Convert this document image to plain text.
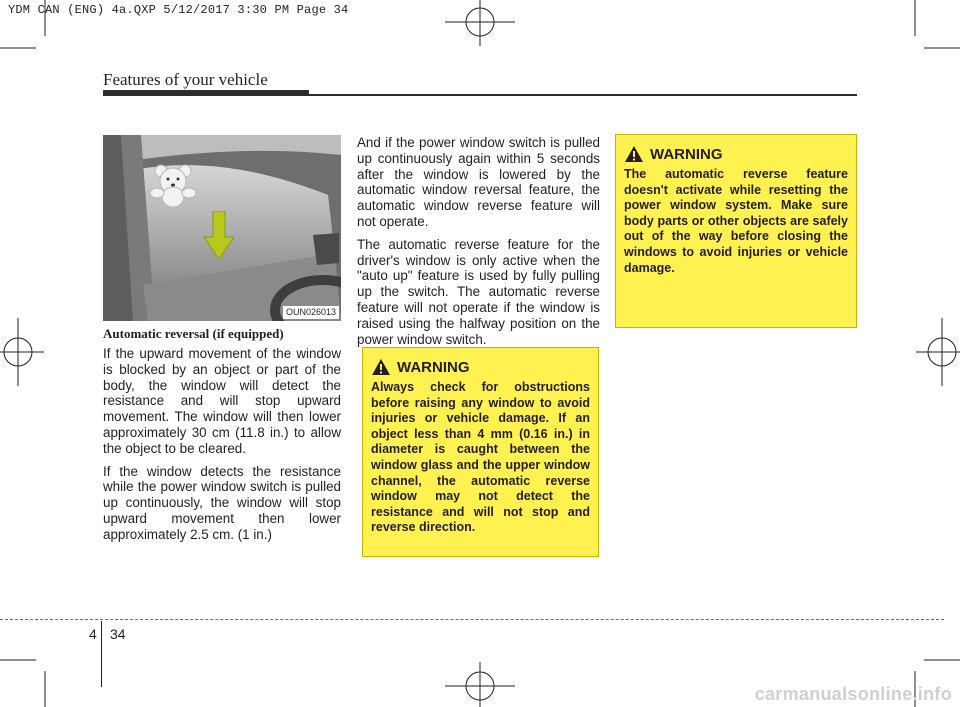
YDM CAN (ENG) 4a.QXP 5/12/2017 3:30 PM Page 34
Features of your vehicle
OUN026013
Automatic reversal (if equipped)

If the upward movement of the window is blocked by an object or part of the body, the window will detect the resistance and will stop upward movement. The window will then lower approximately 30 cm (11.8 in.) to allow the object to be cleared.

If the window detects the resistance while the power window switch is pulled up continuously, the window will stop upward movement then lower approximately 2.5 cm. (1 in.)

And if the power window switch is pulled up continuously again within 5 seconds after the window is lowered by the automatic window reversal feature, the automatic window reverse feature will not operate.

The automatic reverse feature for the driver's window is only active when the "auto up" feature is used by fully pulling up the switch. The automatic reverse feature will not operate if the window is raised using the halfway position on the power window switch.

WARNING
Always check for obstructions before raising any window to avoid injuries or vehicle damage. If an object less than 4 mm (0.16 in.) in diameter is caught between the window glass and the upper window channel, the automatic reverse window may not detect the resistance and will not stop and reverse direction.
WARNING
The automatic reverse feature doesn't activate while resetting the power window system. Make sure body parts or other objects are safely out of the way before closing the windows to avoid injuries or vehicle damage.
4 34
carmanualsonline.info
